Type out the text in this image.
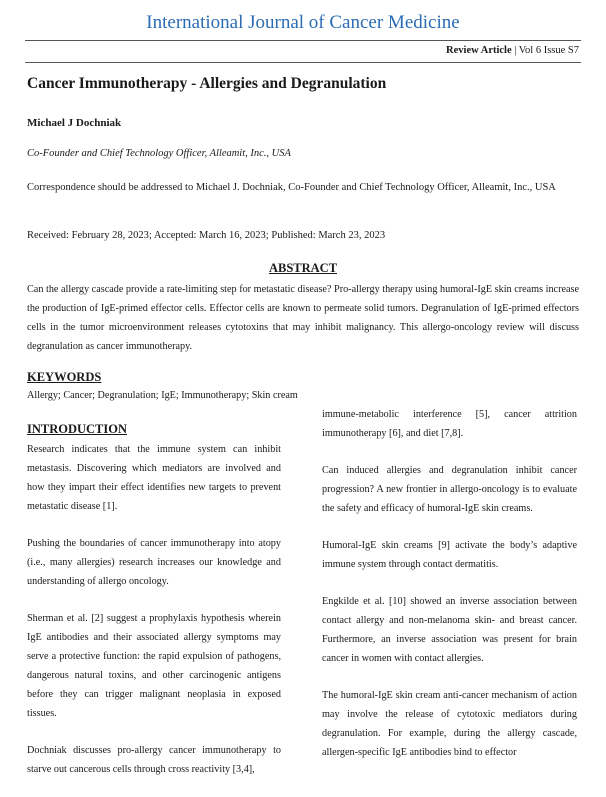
International Journal of Cancer Medicine
Review Article | Vol 6 Issue S7
Cancer Immunotherapy - Allergies and Degranulation
Michael J Dochniak
Co-Founder and Chief Technology Officer, Alleamit, Inc., USA
Correspondence should be addressed to Michael J. Dochniak, Co-Founder and Chief Technology Officer, Alleamit, Inc., USA
Received: February 28, 2023; Accepted: March 16, 2023; Published: March 23, 2023
ABSTRACT
Can the allergy cascade provide a rate-limiting step for metastatic disease? Pro-allergy therapy using humoral-IgE skin creams increase the production of IgE-primed effector cells. Effector cells are known to permeate solid tumors. Degranulation of IgE-primed effectors cells in the tumor microenvironment releases cytotoxins that may inhibit malignancy. This allergo-oncology review will discuss degranulation as cancer immunotherapy.
KEYWORDS
Allergy; Cancer; Degranulation; IgE; Immunotherapy; Skin cream
INTRODUCTION

Research indicates that the immune system can inhibit metastasis. Discovering which mediators are involved and how they impart their effect identifies new targets to prevent metastatic disease [1].

Pushing the boundaries of cancer immunotherapy into atopy (i.e., many allergies) research increases our knowledge and understanding of allergo oncology.

Sherman et al. [2] suggest a prophylaxis hypothesis wherein IgE antibodies and their associated allergy symptoms may serve a protective function: the rapid expulsion of pathogens, dangerous natural toxins, and other carcinogenic antigens before they can trigger malignant neoplasia in exposed tissues.

Dochniak discusses pro-allergy cancer immunotherapy to starve out cancerous cells through cross reactivity [3,4],

immune-metabolic interference [5], cancer attrition immunotherapy [6], and diet [7,8].

Can induced allergies and degranulation inhibit cancer progression? A new frontier in allergo-oncology is to evaluate the safety and efficacy of humoral-IgE skin creams.

Humoral-IgE skin creams [9] activate the body’s adaptive immune system through contact dermatitis.

Engkilde et al. [10] showed an inverse association between contact allergy and non-melanoma skin- and breast cancer. Furthermore, an inverse association was present for brain cancer in women with contact allergies.

The humoral-IgE skin cream anti-cancer mechanism of action may involve the release of cytotoxic mediators during degranulation. For example, during the allergy cascade, allergen-specific IgE antibodies bind to effector
